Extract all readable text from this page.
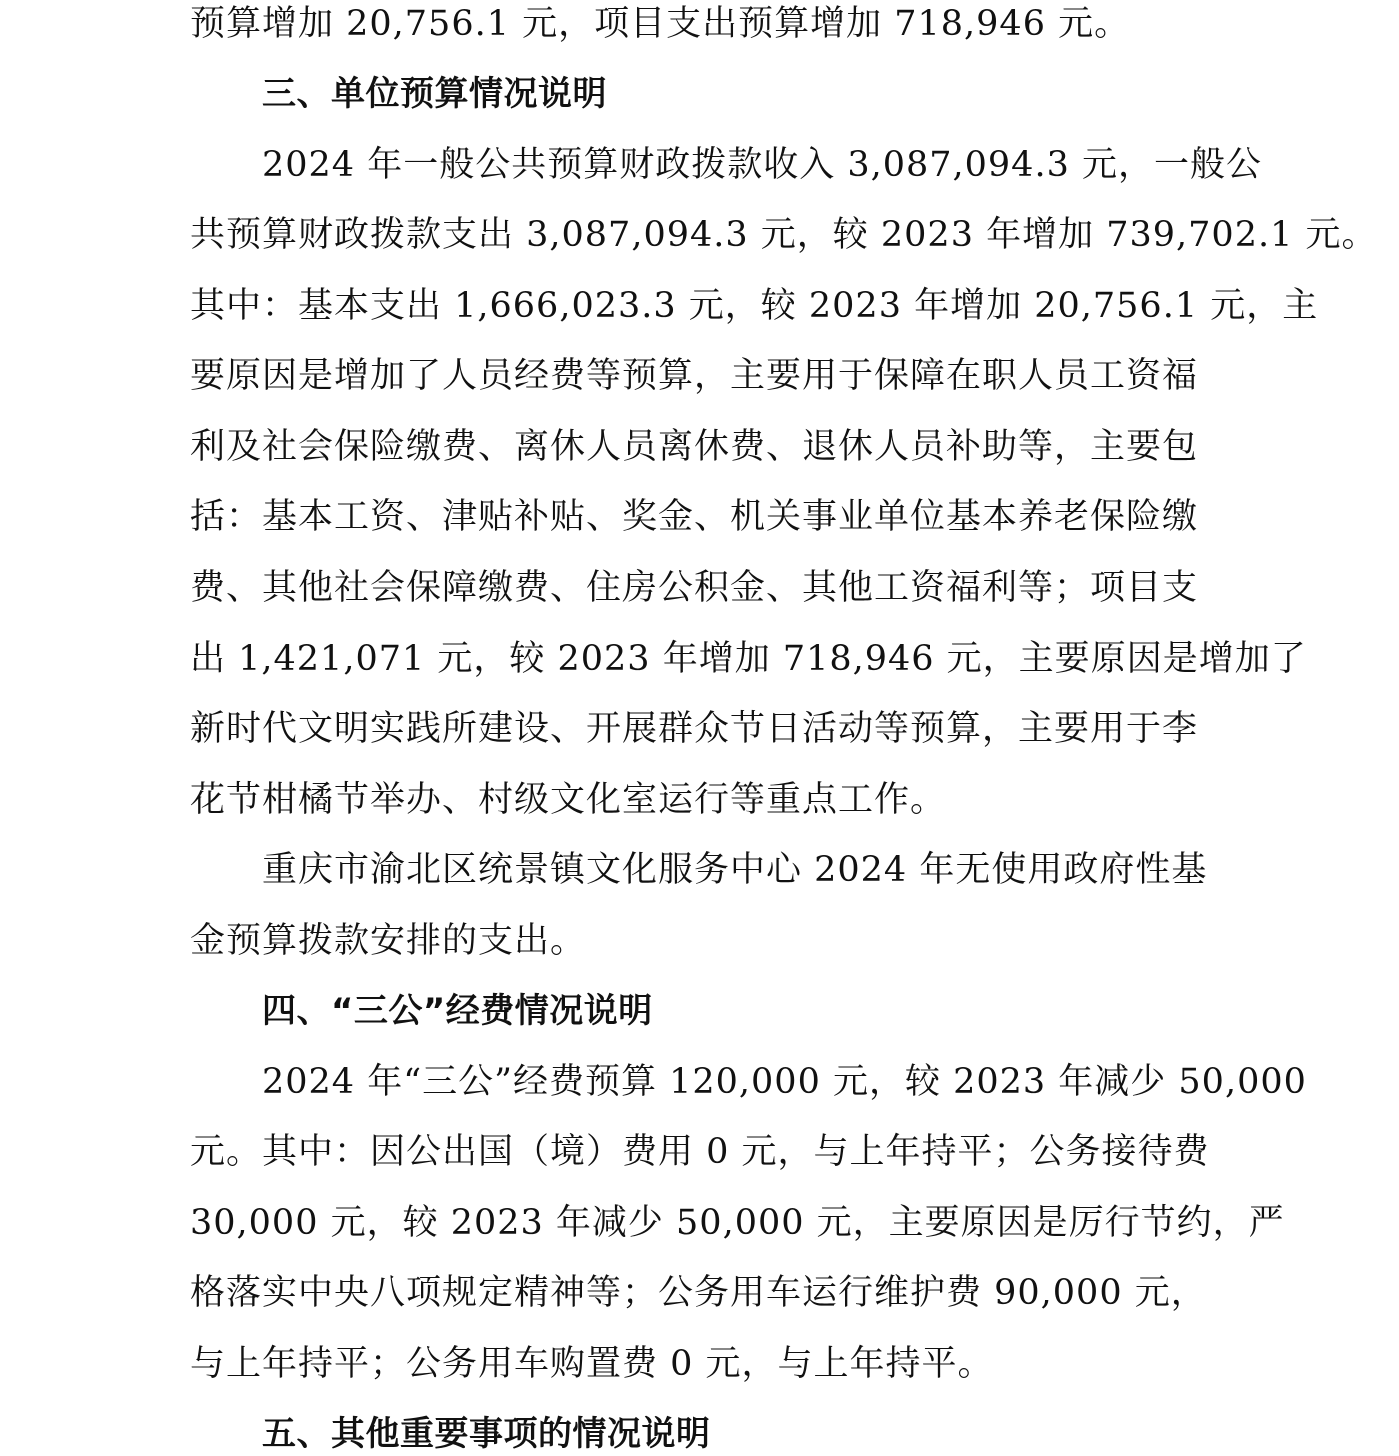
预算增加 20,756.1 元，项目支出预算增加 718,946 元。
三、单位预算情况说明
2024 年一般公共预算财政拨款收入 3,087,094.3 元，一般公
共预算财政拨款支出 3,087,094.3 元，较 2023 年增加 739,702.1 元。
其中：基本支出 1,666,023.3 元，较 2023 年增加 20,756.1 元，主
要原因是增加了人员经费等预算，主要用于保障在职人员工资福
利及社会保险缴费、离休人员离休费、退休人员补助等，主要包
括：基本工资、津贴补贴、奖金、机关事业单位基本养老保险缴
费、其他社会保障缴费、住房公积金、其他工资福利等；项目支
出 1,421,071 元，较 2023 年增加 718,946 元，主要原因是增加了
新时代文明实践所建设、开展群众节日活动等预算，主要用于李
花节柑橘节举办、村级文化室运行等重点工作。
重庆市渝北区统景镇文化服务中心 2024 年无使用政府性基
金预算拨款安排的支出。
四、“三公”经费情况说明
2024 年“三公”经费预算 120,000 元，较 2023 年减少 50,000
元。其中：因公出国（境）费用 0 元，与上年持平；公务接待费
30,000 元，较 2023 年减少 50,000 元，主要原因是厉行节约，严
格落实中央八项规定精神等；公务用车运行维护费 90,000 元，
与上年持平；公务用车购置费 0 元，与上年持平。
五、其他重要事项的情况说明
